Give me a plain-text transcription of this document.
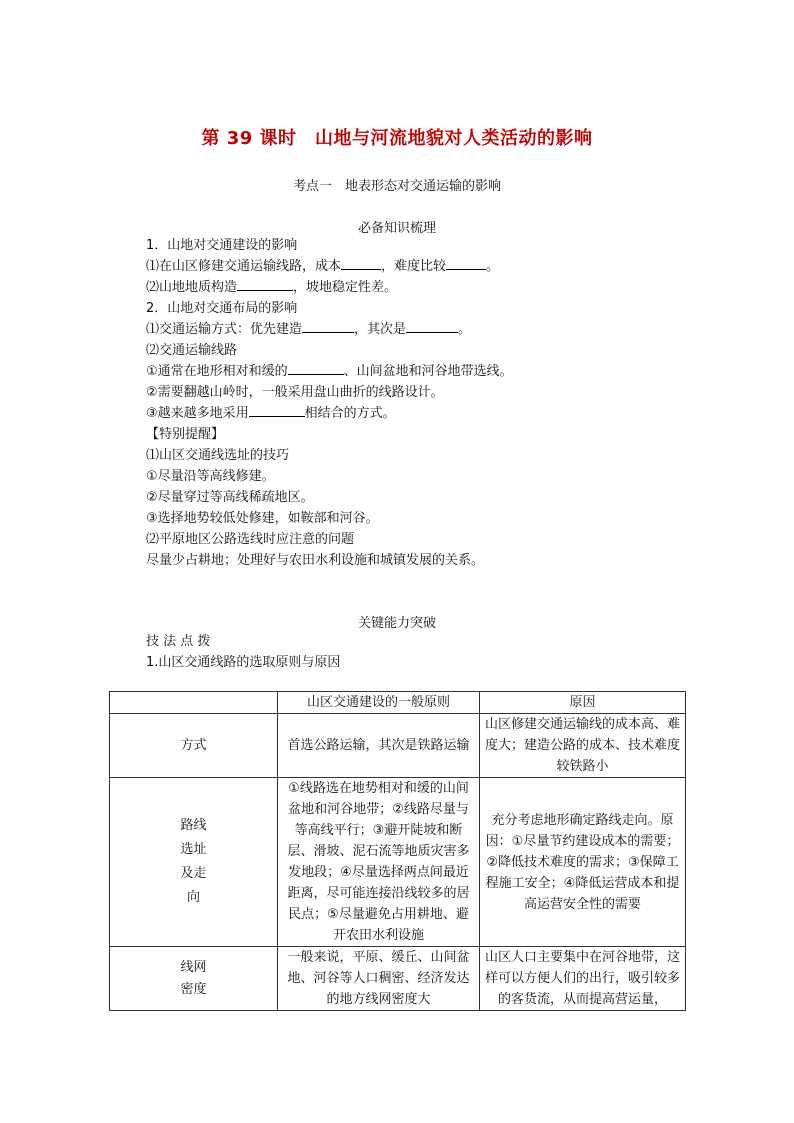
第 39 课时　山地与河流地貌对人类活动的影响
考点一　地表形态对交通运输的影响
必备知识梳理
1．山地对交通建设的影响
⑴在山区修建交通运输线路，成本	，难度比较	。
⑵山地地质构造	，坡地稳定性差。
2．山地对交通布局的影响
⑴交通运输方式：优先建造	，其次是	。
⑵交通运输线路
①通常在地形相对和缓的	、山间盆地和河谷地带选线。
②需要翻越山岭时，一般采用盘山曲折的线路设计。
③越来越多地采用	相结合的方式。
【特别提醒】
⑴山区交通线选址的技巧
①尽量沿等高线修建。
②尽量穿过等高线稀疏地区。
③选择地势较低处修建，如鞍部和河谷。
⑵平原地区公路选线时应注意的问题
尽量少占耕地；处理好与农田水利设施和城镇发展的关系。
关键能力突破
技 法 点 拨
1.山区交通线路的选取原则与原因
	山区交通建设的一般原则	原因
方式	首选公路运输，其次是铁路运输	山区修建交通运输线的成本高、难度大；建造公路的成本、技术难度较铁路小

路线选址及走向	①线路选在地势相对和缓的山间盆地和河谷地带；②线路尽量与等高线平行；③避开陡坡和断层、滑坡、泥石流等地质灾害多发地段；④尽量选择两点间最近距离，尽可能连接沿线较多的居民点；⑤尽量避免占用耕地、避开农田水利设施	充分考虑地形确定路线走向。原因：①尽量节约建设成本的需要；②降低技术难度的需求；③保障工程施工安全；④降低运营成本和提高运营安全性的需要

线网密度	一般来说，平原、缓丘、山间盆地、河谷等人口稠密、经济发达的地方线网密度大	山区人口主要集中在河谷地带，这样可以方便人们的出行，吸引较多的客货流，从而提高营运量，
